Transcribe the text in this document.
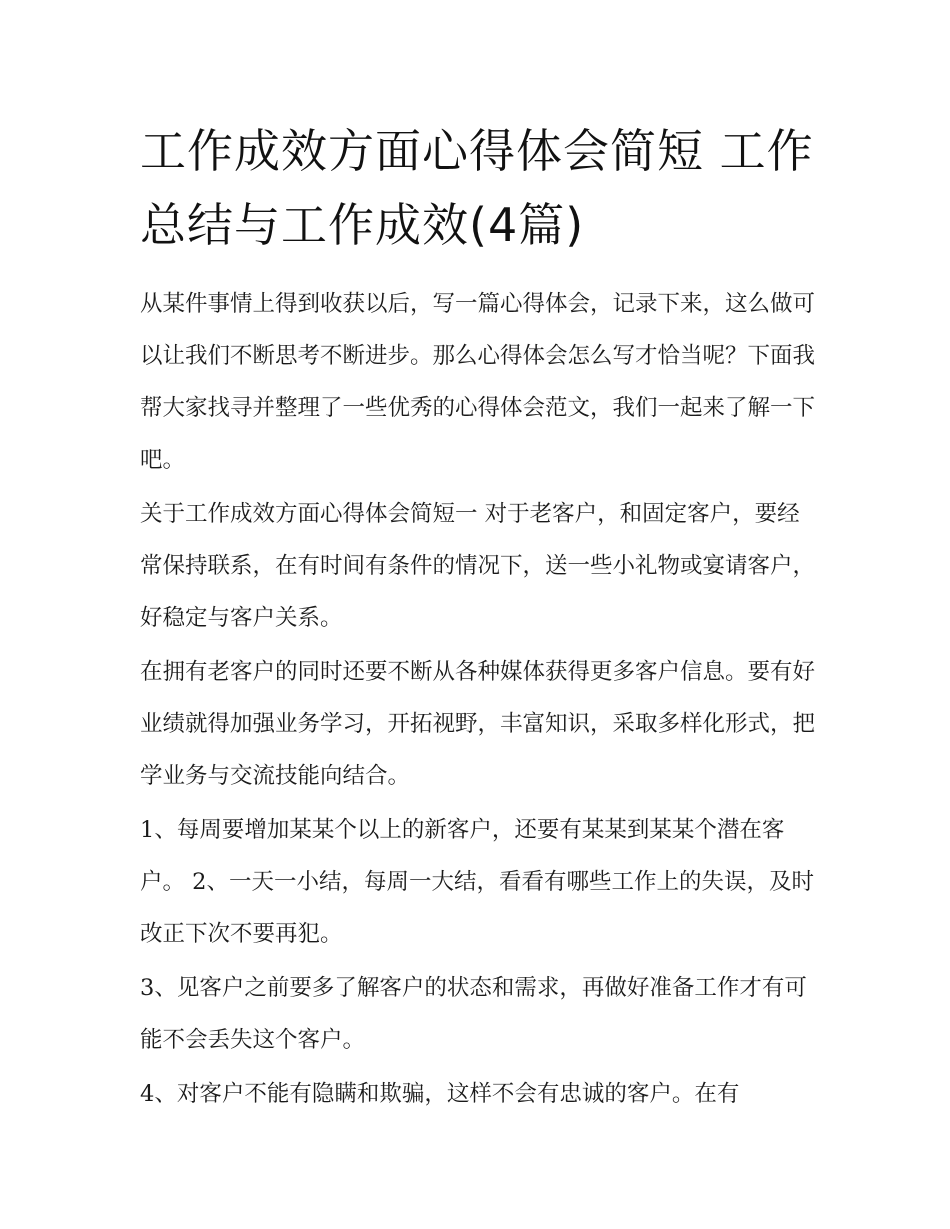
工作成效方面心得体会简短 工作总结与工作成效(4篇)

从某件事情上得到收获以后，写一篇心得体会，记录下来，这么做可以让我们不断思考不断进步。那么心得体会怎么写才恰当呢？下面我帮大家找寻并整理了一些优秀的心得体会范文，我们一起来了解一下吧。

关于工作成效方面心得体会简短一 对于老客户，和固定客户，要经常保持联系，在有时间有条件的情况下，送一些小礼物或宴请客户，好稳定与客户关系。

在拥有老客户的同时还要不断从各种媒体获得更多客户信息。要有好业绩就得加强业务学习，开拓视野，丰富知识，采取多样化形式，把学业务与交流技能向结合。

1、每周要增加某某个以上的新客户，还要有某某到某某个潜在客户。 2、一天一小结，每周一大结，看看有哪些工作上的失误，及时改正下次不要再犯。

3、见客户之前要多了解客户的状态和需求，再做好准备工作才有可能不会丢失这个客户。

4、对客户不能有隐瞒和欺骗，这样不会有忠诚的客户。在有
